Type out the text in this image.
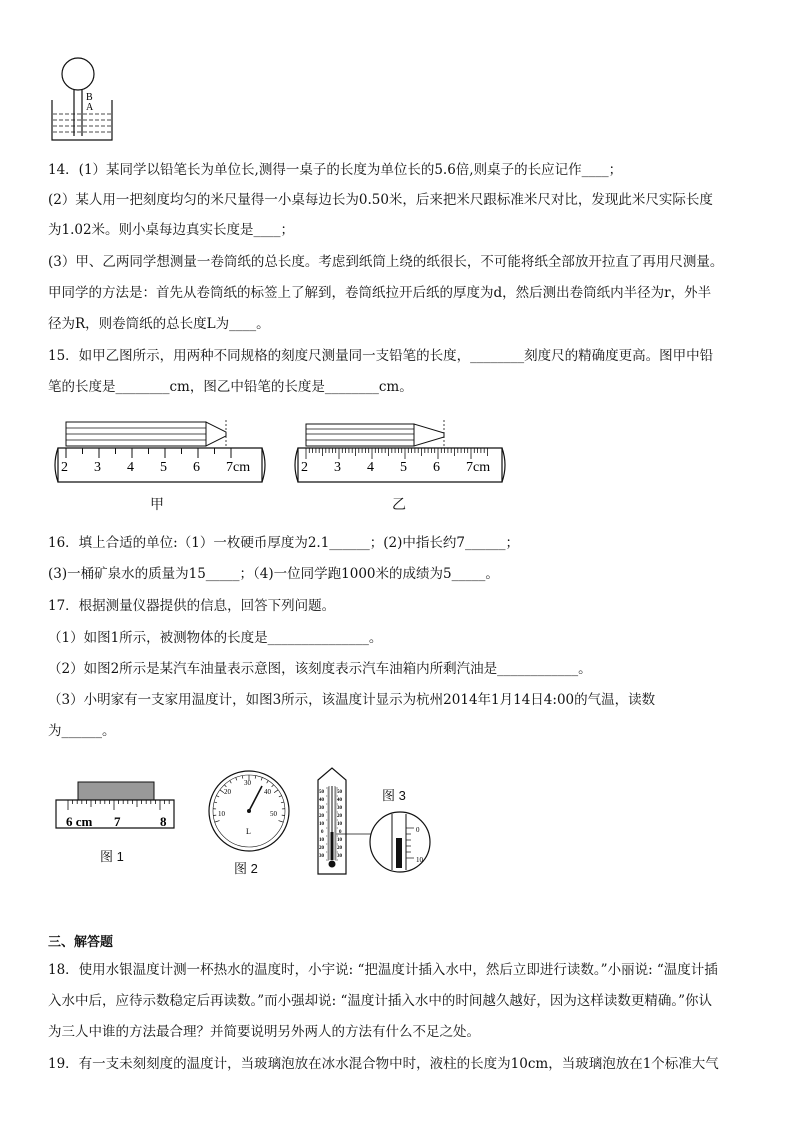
B
A
14．(1）某同学以铅笔长为单位长,测得一桌子的长度为单位长的5.6倍,则桌子的长应记作____；
(2）某人用一把刻度均匀的米尺量得一小桌每边长为0.50米，后来把米尺跟标准米尺对比，发现此米尺实际长度
为1.02米。则小桌每边真实长度是____；
(3）甲、乙两同学想测量一卷筒纸的总长度。考虑到纸筒上绕的纸很长，不可能将纸全部放开拉直了再用尺测量。
甲同学的方法是：首先从卷筒纸的标签上了解到，卷筒纸拉开后纸的厚度为d，然后测出卷筒纸内半径为r，外半
径为R，则卷筒纸的总长度L为____。
15．如甲乙图所示，用两种不同规格的刻度尺测量同一支铅笔的长度，________刻度尺的精确度更高。图甲中铅
笔的长度是________cm，图乙中铅笔的长度是________cm。
2 3 4 5 6 7cm
甲
2 3 4 5 6 7cm
乙
16．填上合适的单位:（1）一枚硬币厚度为2.1______；(2)中指长约7______；
(3)一桶矿泉水的质量为15_____；（4)一位同学跑1000米的成绩为5_____。
17．根据测量仪器提供的信息，回答下列问题。
（1）如图1所示，被测物体的长度是_______________。
（2）如图2所示是某汽车油量表示意图，该刻度表示汽车油箱内所剩汽油是____________。
（3）小明家有一支家用温度计，如图3所示，该温度计显示为杭州2014年1月14日4:00的气温，读数
为______。
6 cm 7	8
图 1
10
20
30
40
50
L
图 2
50
40
30
20
10
0
10
20
30
50
40
30
20
10
0
10
20
30
0
10
图 3
三、解答题
18．使用水银温度计测一杯热水的温度时，小宇说: “把温度计插入水中，然后立即进行读数。”小丽说: “温度计插
入水中后，应待示数稳定后再读数。”而小强却说: “温度计插入水中的时间越久越好，因为这样读数更精确。”你认
为三人中谁的方法最合理？并简要说明另外两人的方法有什么不足之处。
19．有一支未刻刻度的温度计，当玻璃泡放在冰水混合物中时，液柱的长度为10cm，当玻璃泡放在1个标准大气
